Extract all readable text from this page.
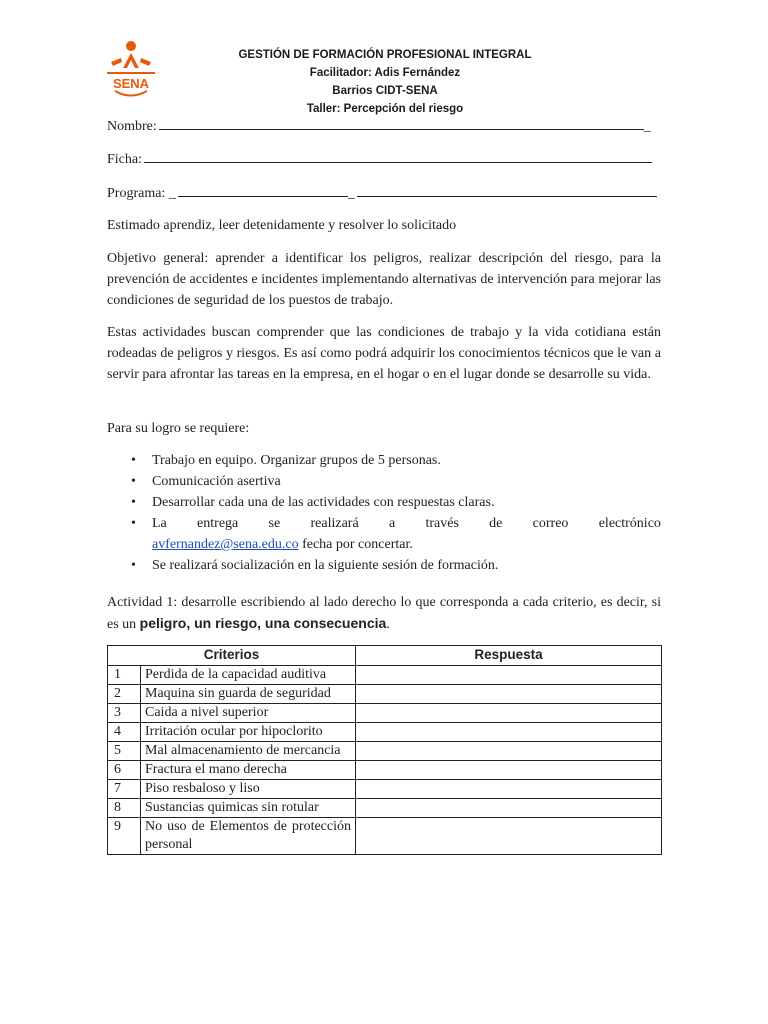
SENA
GESTIÓN DE FORMACIÓN PROFESIONAL INTEGRAL
Facilitador: Adis Fernández
Barrios CIDT-SENA
Taller: Percepción del riesgo
Nombre:	_
Ficha:
Programa: _	_
Estimado aprendiz, leer detenidamente y resolver lo solicitado
Objetivo general: aprender a identificar los peligros, realizar descripción del riesgo, para la prevención de accidentes e incidentes implementando alternativas de intervención para mejorar las condiciones de seguridad de los puestos de trabajo.
Estas actividades buscan comprender que las condiciones de trabajo y la vida cotidiana están rodeadas de peligros y riesgos. Es así como podrá adquirir los conocimientos técnicos que le van a servir para afrontar las tareas en la empresa, en el hogar o en el lugar donde se desarrolle su vida.
Para su logro se requiere:
• Trabajo en equipo. Organizar grupos de 5 personas.
• Comunicación asertiva
• Desarrollar cada una de las actividades con respuestas claras.
• La entrega se realizará a través de correo electrónico
avfernandez@sena.edu.co fecha por concertar.
• Se realizará socialización en la siguiente sesión de formación.
Actividad 1: desarrolle escribiendo al lado derecho lo que corresponda a cada criterio, es decir, si es un peligro, un riesgo, una consecuencia.
Criterios		Respuesta
1	Perdida de la capacidad auditiva	
2	Maquina sin guarda de seguridad	
3	Caida a nivel superior	
4	Irritación ocular por hipoclorito	
5	Mal almacenamiento de mercancia	
6	Fractura el mano derecha	
7	Piso resbaloso y liso	
8	Sustancias quimicas sin rotular	
9	No uso de Elementos de protección personal	
